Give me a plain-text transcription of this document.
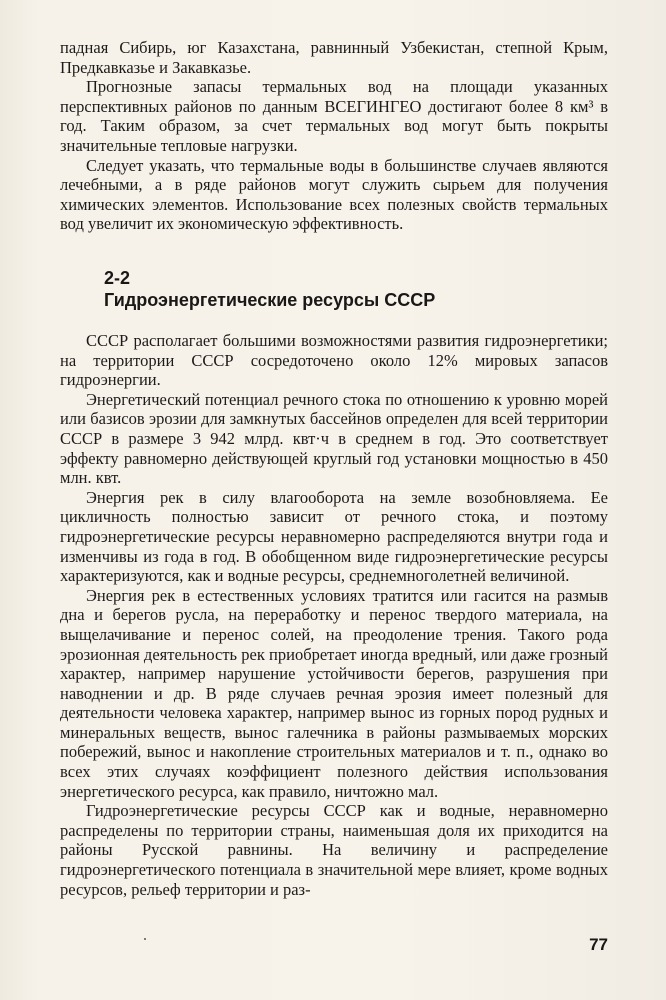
падная Сибирь, юг Казахстана, равнинный Узбекистан, степной Крым, Предкавказье и Закавказье.

Прогнозные запасы термальных вод на площади указанных перспективных районов по данным ВСЕГИНГЕО достигают более 8 км³ в год. Таким образом, за счет термальных вод могут быть покрыты значительные тепловые нагрузки.

Следует указать, что термальные воды в большинстве случаев являются лечебными, а в ряде районов могут служить сырьем для получения химических элементов. Использование всех полезных свойств термальных вод увеличит их экономическую эффективность.

2-2
Гидроэнергетические ресурсы СССР

СССР располагает большими возможностями развития гидроэнергетики; на территории СССР сосредоточено около 12% мировых запасов гидроэнергии.

Энергетический потенциал речного стока по отношению к уровню морей или базисов эрозии для замкнутых бассейнов определен для всей территории СССР в размере 3 942 млрд. квт·ч в среднем в год. Это соответствует эффекту равномерно действующей круглый год установки мощностью в 450 млн. квт.

Энергия рек в силу влагооборота на земле возобновляема. Ее цикличность полностью зависит от речного стока, и поэтому гидроэнергетические ресурсы неравномерно распределяются внутри года и изменчивы из года в год. В обобщенном виде гидроэнергетические ресурсы характеризуются, как и водные ресурсы, среднемноголетней величиной.

Энергия рек в естественных условиях тратится или гасится на размыв дна и берегов русла, на переработку и перенос твердого материала, на выщелачивание и перенос солей, на преодоление трения. Такого рода эрозионная деятельность рек приобретает иногда вредный, или даже грозный характер, например нарушение устойчивости берегов, разрушения при наводнении и др. В ряде случаев речная эрозия имеет полезный для деятельности человека характер, например вынос из горных пород рудных и минеральных веществ, вынос галечника в районы размываемых морских побережий, вынос и накопление строительных материалов и т. п., однако во всех этих случаях коэффициент полезного действия использования энергетического ресурса, как правило, ничтожно мал.

Гидроэнергетические ресурсы СССР как и водные, неравномерно распределены по территории страны, наименьшая доля их приходится на районы Русской равнины. На величину и распределение гидроэнергетического потенциала в значительной мере влияет, кроме водных ресурсов, рельеф территории и раз-

77
